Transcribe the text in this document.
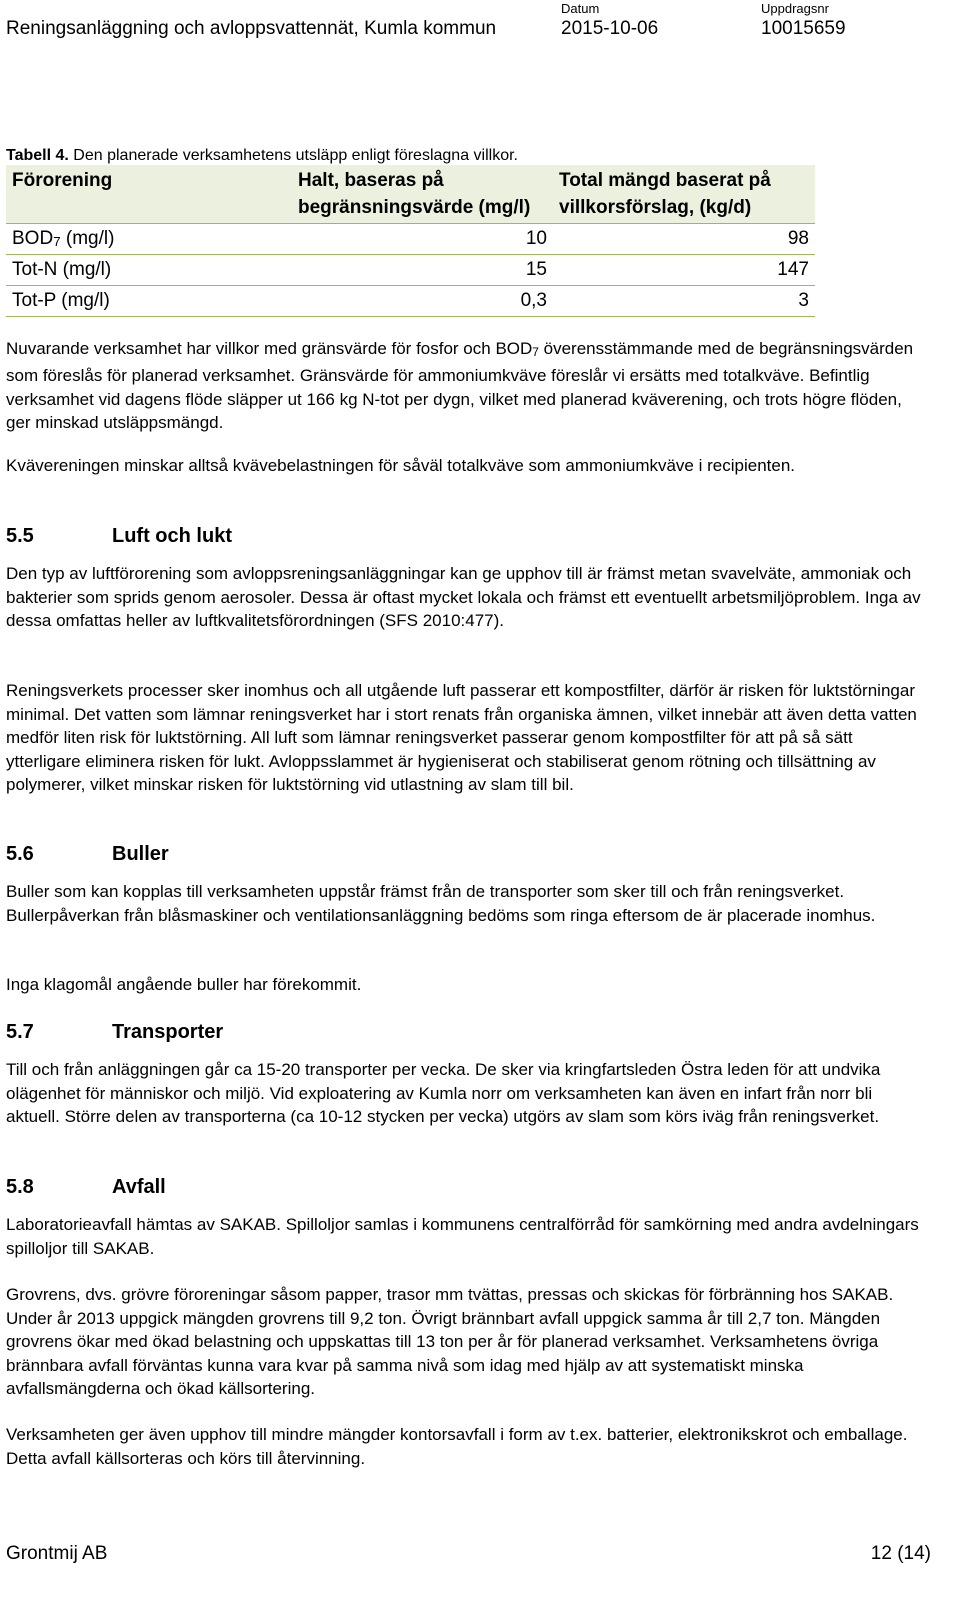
Reningsanläggning och avloppsvattennät, Kumla kommun
Datum
2015-10-06
Uppdragsnr
10015659
Tabell 4. Den planerade verksamhetens utsläpp enligt föreslagna villkor.
Förorening	Halt, baseras på begränsningsvärde (mg/l)	Total mängd baserat på villkorsförslag, (kg/d)
$BOD_7$ (mg/l)	10	98
Tot-N (mg/l)	15	147
Tot-P (mg/l)	0,3	3
Nuvarande verksamhet har villkor med gränsvärde för fosfor och $BOD_7$ överensstämmande med de begränsningsvärden som föreslås för planerad verksamhet. Gränsvärde för ammoniumkväve föreslår vi ersätts med totalkväve. Befintlig verksamhet vid dagens flöde släpper ut 166 kg N-tot per dygn, vilket med planerad kväverening, och trots högre flöden, ger minskad utsläppsmängd.
Kvävereningen minskar alltså kvävebelastningen för såväl totalkväve som ammoniumkväve i recipienten.
5.5	Luft och lukt
Den typ av luftförorening som avloppsreningsanläggningar kan ge upphov till är främst metan svavelväte, ammoniak och bakterier som sprids genom aerosoler. Dessa är oftast mycket lokala och främst ett eventuellt arbetsmiljöproblem. Inga av dessa omfattas heller av luftkvalitetsförordningen (SFS 2010:477).
Reningsverkets processer sker inomhus och all utgående luft passerar ett kompostfilter, därför är risken för luktstörningar minimal. Det vatten som lämnar reningsverket har i stort renats från organiska ämnen, vilket innebär att även detta vatten medför liten risk för luktstörning. All luft som lämnar reningsverket passerar genom kompostfilter för att på så sätt ytterligare eliminera risken för lukt. Avloppsslammet är hygieniserat och stabiliserat genom rötning och tillsättning av polymerer, vilket minskar risken för luktstörning vid utlastning av slam till bil.
5.6	Buller
Buller som kan kopplas till verksamheten uppstår främst från de transporter som sker till och från reningsverket. Bullerpåverkan från blåsmaskiner och ventilationsanläggning bedöms som ringa eftersom de är placerade inomhus.
Inga klagomål angående buller har förekommit.
5.7	Transporter
Till och från anläggningen går ca 15-20 transporter per vecka. De sker via kringfartsleden Östra leden för att undvika olägenhet för människor och miljö. Vid exploatering av Kumla norr om verksamheten kan även en infart från norr bli aktuell. Större delen av transporterna (ca 10-12 stycken per vecka) utgörs av slam som körs iväg från reningsverket.
5.8	Avfall
Laboratorieavfall hämtas av SAKAB. Spilloljor samlas i kommunens centralförråd för samkörning med andra avdelningars spilloljor till SAKAB.
Grovrens, dvs. grövre föroreningar såsom papper, trasor mm tvättas, pressas och skickas för förbränning hos SAKAB. Under år 2013 uppgick mängden grovrens till 9,2 ton. Övrigt brännbart avfall uppgick samma år till 2,7 ton. Mängden grovrens ökar med ökad belastning och uppskattas till 13 ton per år för planerad verksamhet. Verksamhetens övriga brännbara avfall förväntas kunna vara kvar på samma nivå som idag med hjälp av att systematiskt minska avfallsmängderna och ökad källsortering.
Verksamheten ger även upphov till mindre mängder kontorsavfall i form av t.ex. batterier, elektronikskrot och emballage. Detta avfall källsorteras och körs till återvinning.
Grontmij AB	12 (14)
